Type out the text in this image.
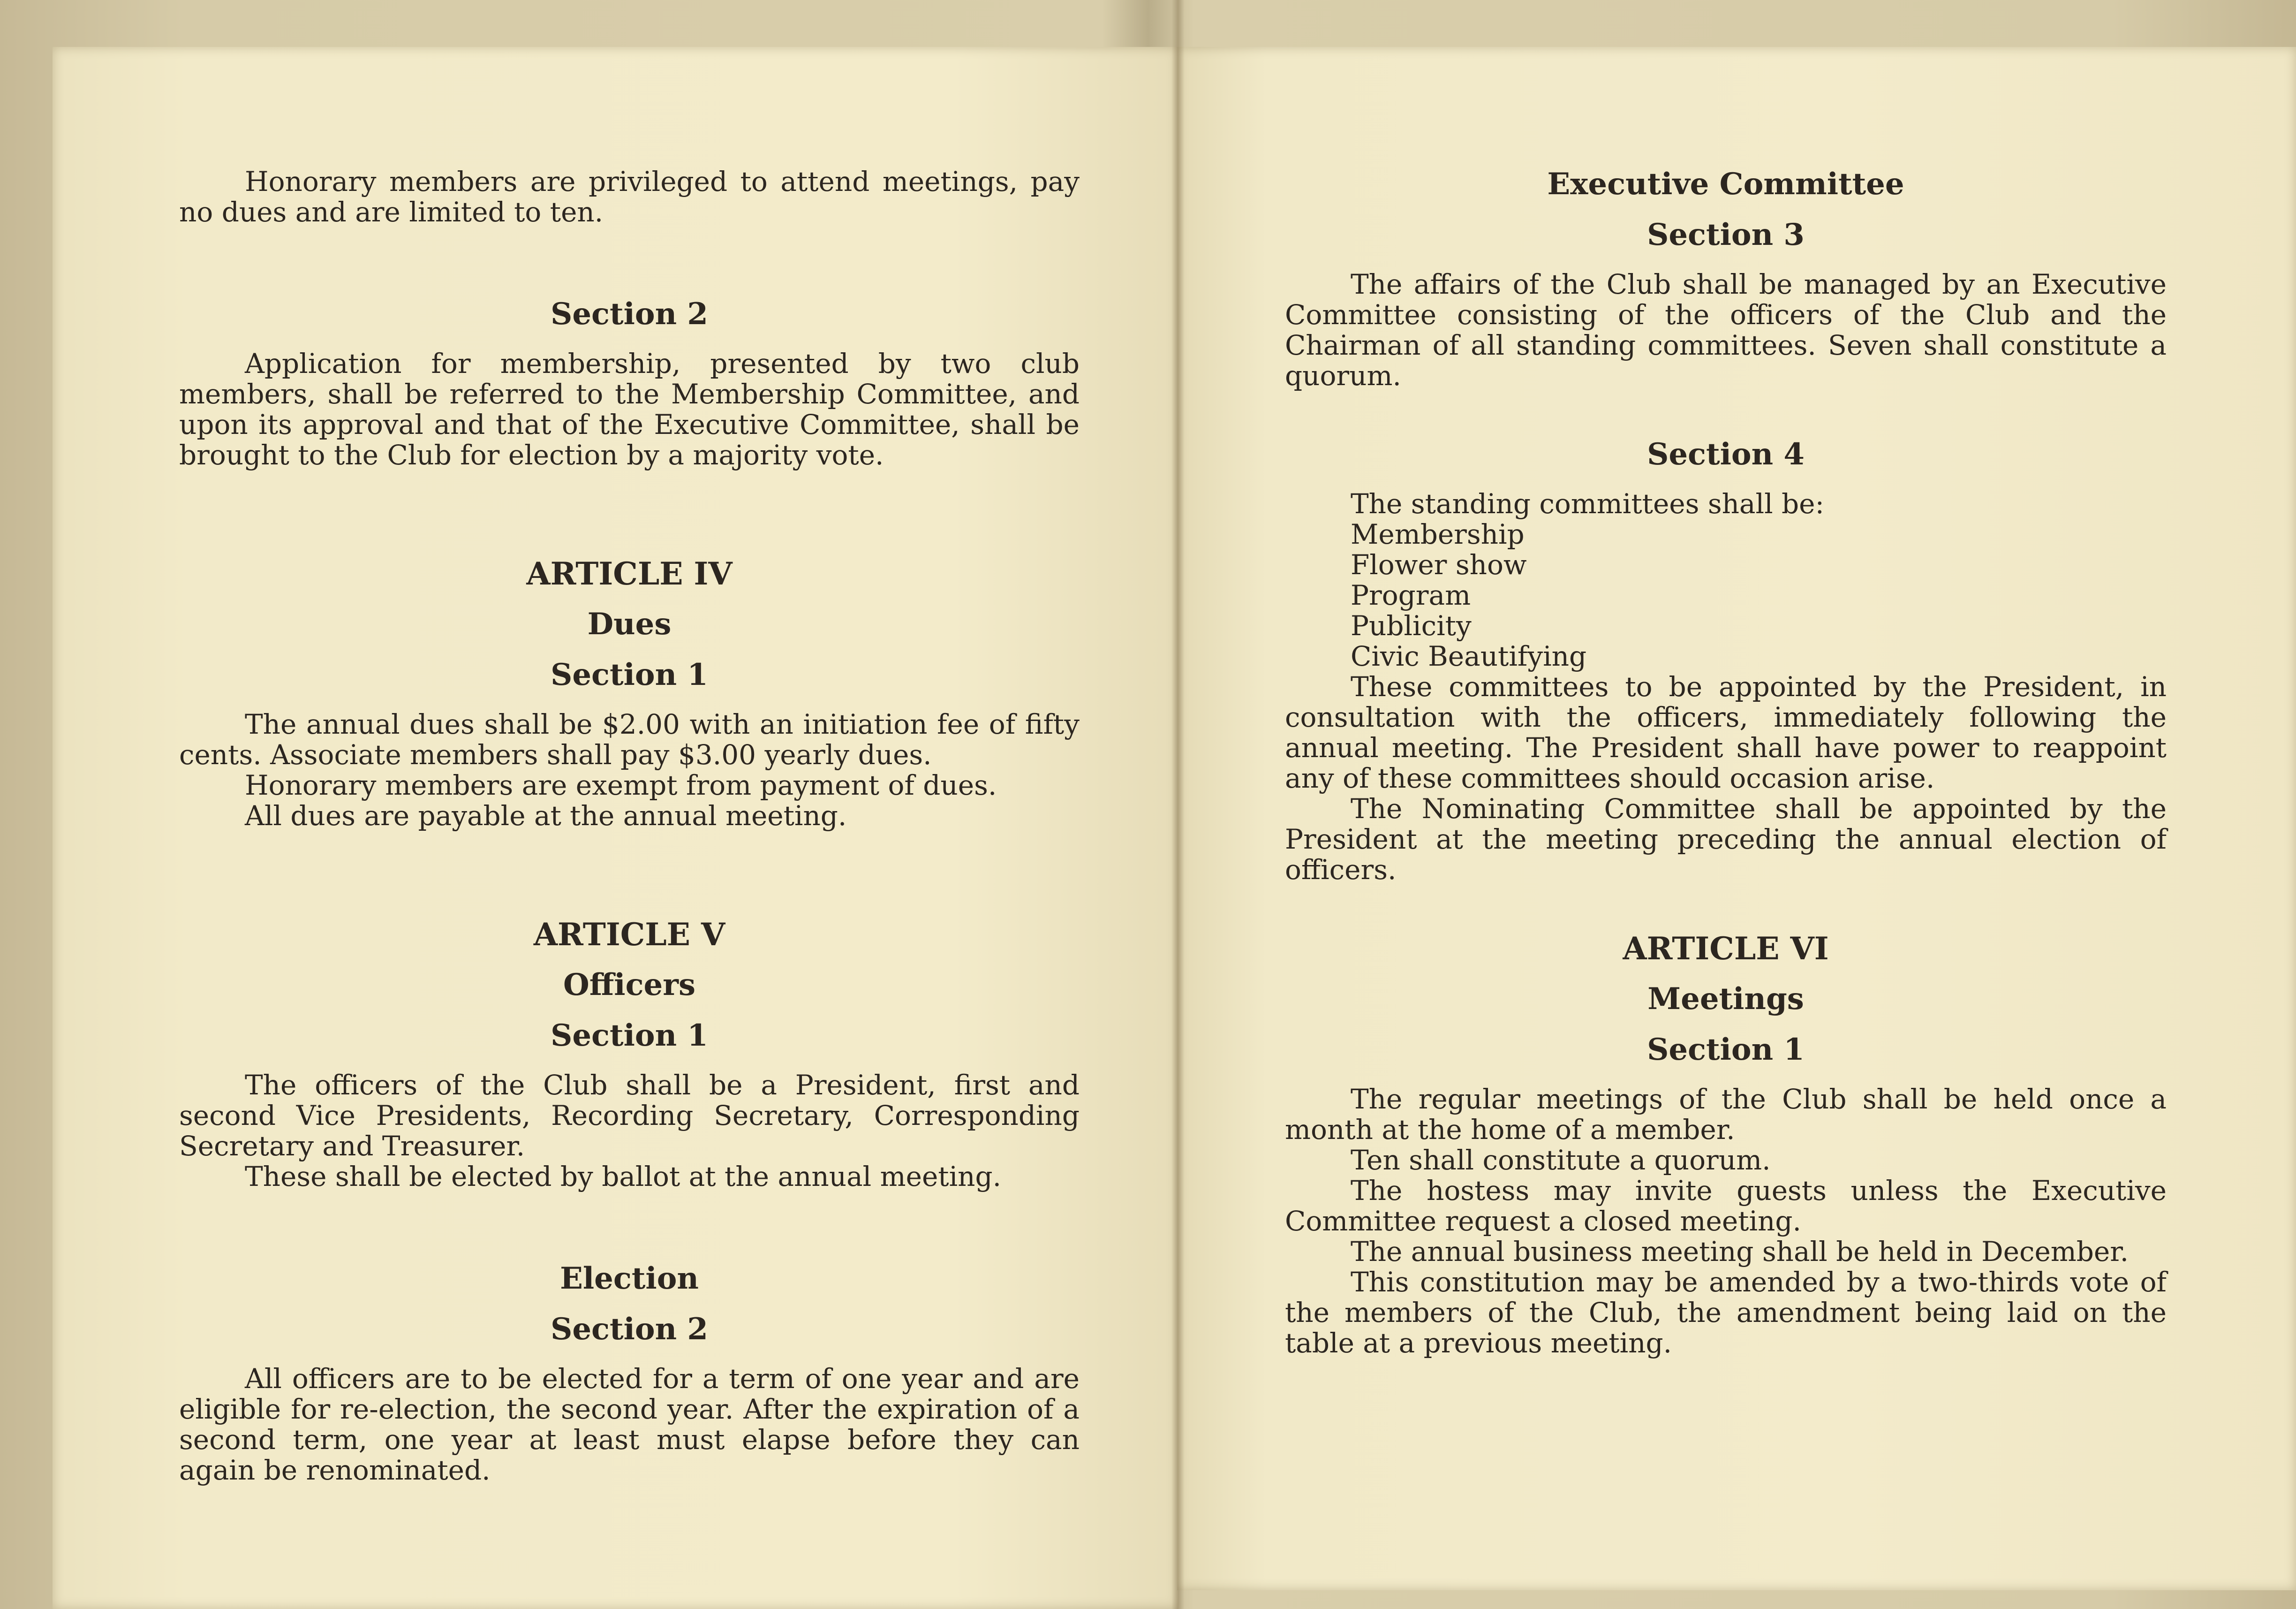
Honorary members are privileged to attend meetings, pay no dues and are limited to ten.
Section 2
Application for membership, presented by two club members, shall be referred to the Membership Committee, and upon its approval and that of the Executive Committee, shall be brought to the Club for election by a majority vote.
ARTICLE IV
Dues
Section 1
The annual dues shall be $2.00 with an initiation fee of fifty cents. Associate members shall pay $3.00 yearly dues.
Honorary members are exempt from payment of dues.
All dues are payable at the annual meeting.
ARTICLE V
Officers
Section 1
The officers of the Club shall be a President, first and second Vice Presidents, Recording Secretary, Corresponding Secretary and Treasurer.
These shall be elected by ballot at the annual meeting.
Election
Section 2
All officers are to be elected for a term of one year and are eligible for re-election, the second year. After the expiration of a second term, one year at least must elapse before they can again be renominated.
Executive Committee
Section 3
The affairs of the Club shall be managed by an Executive Committee consisting of the officers of the Club and the Chairman of all standing committees. Seven shall constitute a quorum.
Section 4
The standing committees shall be:
Membership
Flower show
Program
Publicity
Civic Beautifying
These committees to be appointed by the President, in consultation with the officers, immediately following the annual meeting. The President shall have power to reappoint any of these committees should occasion arise.
The Nominating Committee shall be appointed by the President at the meeting preceding the annual election of officers.
ARTICLE VI
Meetings
Section 1
The regular meetings of the Club shall be held once a month at the home of a member.
Ten shall constitute a quorum.
The hostess may invite guests unless the Executive Committee request a closed meeting.
The annual business meeting shall be held in December.
This constitution may be amended by a two-thirds vote of the members of the Club, the amendment being laid on the table at a previous meeting.
